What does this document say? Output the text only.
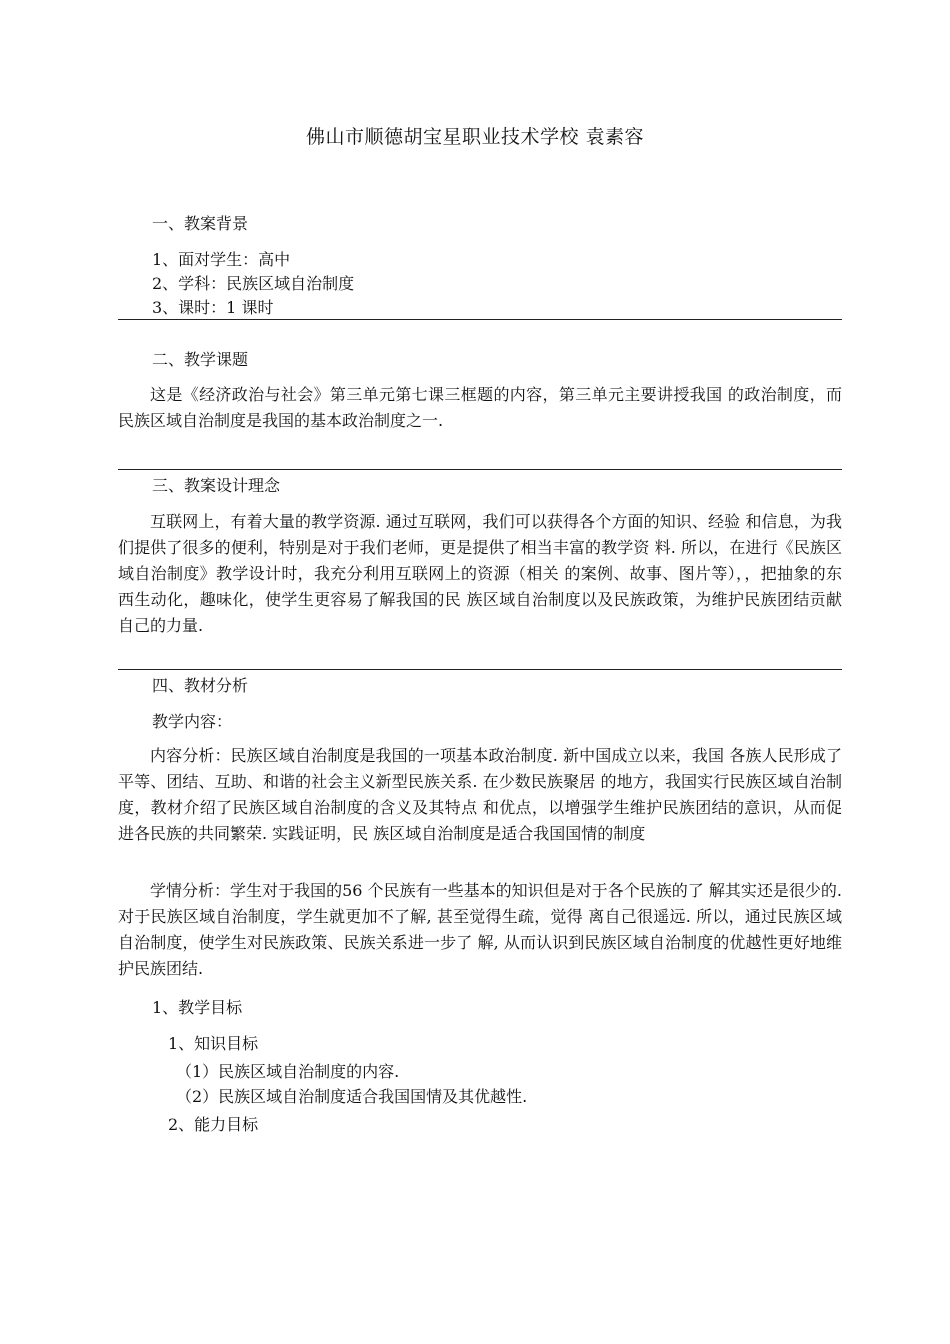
佛山市顺德胡宝星职业技术学校 袁素容
一、教案背景
1、面对学生：高中
2、学科：民族区域自治制度
3、课时：1 课时
二、教学课题
这是《经济政治与社会》第三单元第七课三框题的内容，第三单元主要讲授我国 的政治制度，而民族区域自治制度是我国的基本政治制度之一.
三、教案设计理念
互联网上，有着大量的教学资源. 通过互联网，我们可以获得各个方面的知识、经验 和信息，为我们提供了很多的便利，特别是对于我们老师，更是提供了相当丰富的教学资 料. 所以，在进行《民族区域自治制度》教学设计时，我充分利用互联网上的资源（相关 的案例、故事、图片等），，把抽象的东西生动化，趣味化，使学生更容易了解我国的民 族区域自治制度以及民族政策，为维护民族团结贡献自己的力量.
四、教材分析
教学内容：
内容分析：民族区域自治制度是我国的一项基本政治制度. 新中国成立以来，我国 各族人民形成了平等、团结、互助、和谐的社会主义新型民族关系. 在少数民族聚居 的地方，我国实行民族区域自治制度，教材介绍了民族区域自治制度的含义及其特点 和优点，以增强学生维护民族团结的意识，从而促进各民族的共同繁荣. 实践证明，民 族区域自治制度是适合我国国情的制度
学情分析：学生对于我国的56 个民族有一些基本的知识但是对于各个民族的了 解其实还是很少的. 对于民族区域自治制度，学生就更加不了解, 甚至觉得生疏，觉得 离自己很遥远. 所以，通过民族区域自治制度，使学生对民族政策、民族关系进一步了 解, 从而认识到民族区域自治制度的优越性更好地维护民族团结.
1、教学目标
1、知识目标
（1）民族区域自治制度的内容.
（2）民族区域自治制度适合我国国情及其优越性.
2、能力目标
